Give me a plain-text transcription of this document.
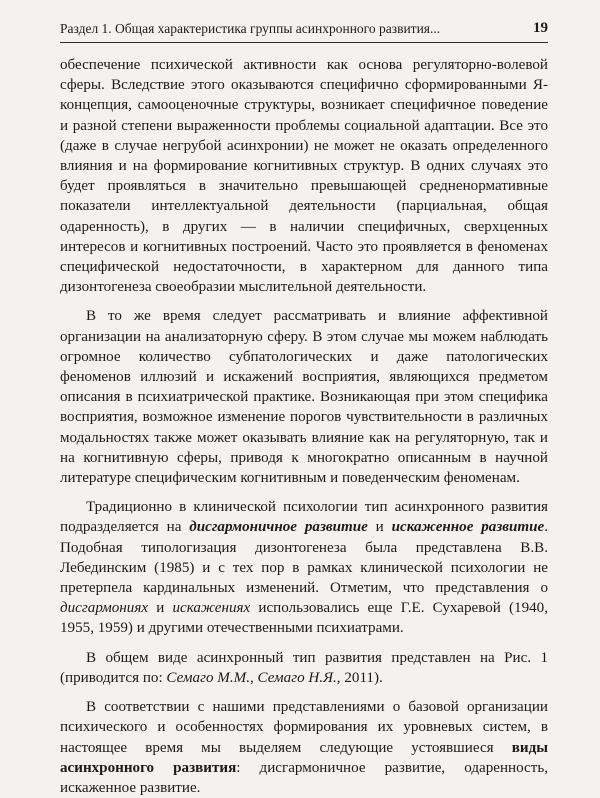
Раздел 1. Общая характеристика группы асинхронного развития...	19

обеспечение психической активности как основа регуляторно-волевой сферы. Вследствие этого оказываются специфично сформированными Я-концепция, самооценочные структуры, возникает специфичное поведение и разной степени выраженности проблемы социальной адаптации. Все это (даже в случае негрубой асинхронии) не может не оказать определенного влияния и на формирование когнитивных структур. В одних случаях это будет проявляться в значительно превышающей средненормативные показатели интеллектуальной деятельности (парциальная, общая одаренность), в других — в наличии специфичных, сверхценных интересов и когнитивных построений. Часто это проявляется в феноменах специфической недостаточности, в характерном для данного типа дизонтогенеза своеобразии мыслительной деятельности.

В то же время следует рассматривать и влияние аффективной организации на анализаторную сферу. В этом случае мы можем наблюдать огромное количество субпатологических и даже патологических феноменов иллюзий и искажений восприятия, являющихся предметом описания в психиатрической практике. Возникающая при этом специфика восприятия, возможное изменение порогов чувствительности в различных модальностях также может оказывать влияние как на регуляторную, так и на когнитивную сферы, приводя к многократно описанным в научной литературе специфическим когнитивным и поведенческим феноменам.

Традиционно в клинической психологии тип асинхронного развития подразделяется на дисгармоничное развитие и искаженное развитие. Подобная типологизация дизонтогенеза была представлена В.В. Лебединским (1985) и с тех пор в рамках клинической психологии не претерпела кардинальных изменений. Отметим, что представления о дисгармониях и искажениях использовались еще Г.Е. Сухаревой (1940, 1955, 1959) и другими отечественными психиатрами.

В общем виде асинхронный тип развития представлен на Рис. 1 (приводится по: Семаго М.М., Семаго Н.Я., 2011).

В соответствии с нашими представлениями о базовой организации психического и особенностях формирования их уровневых систем, в настоящее время мы выделяем следующие устоявшиеся виды асинхронного развития: дисгармоничное развитие, одаренность, искаженное развитие.
